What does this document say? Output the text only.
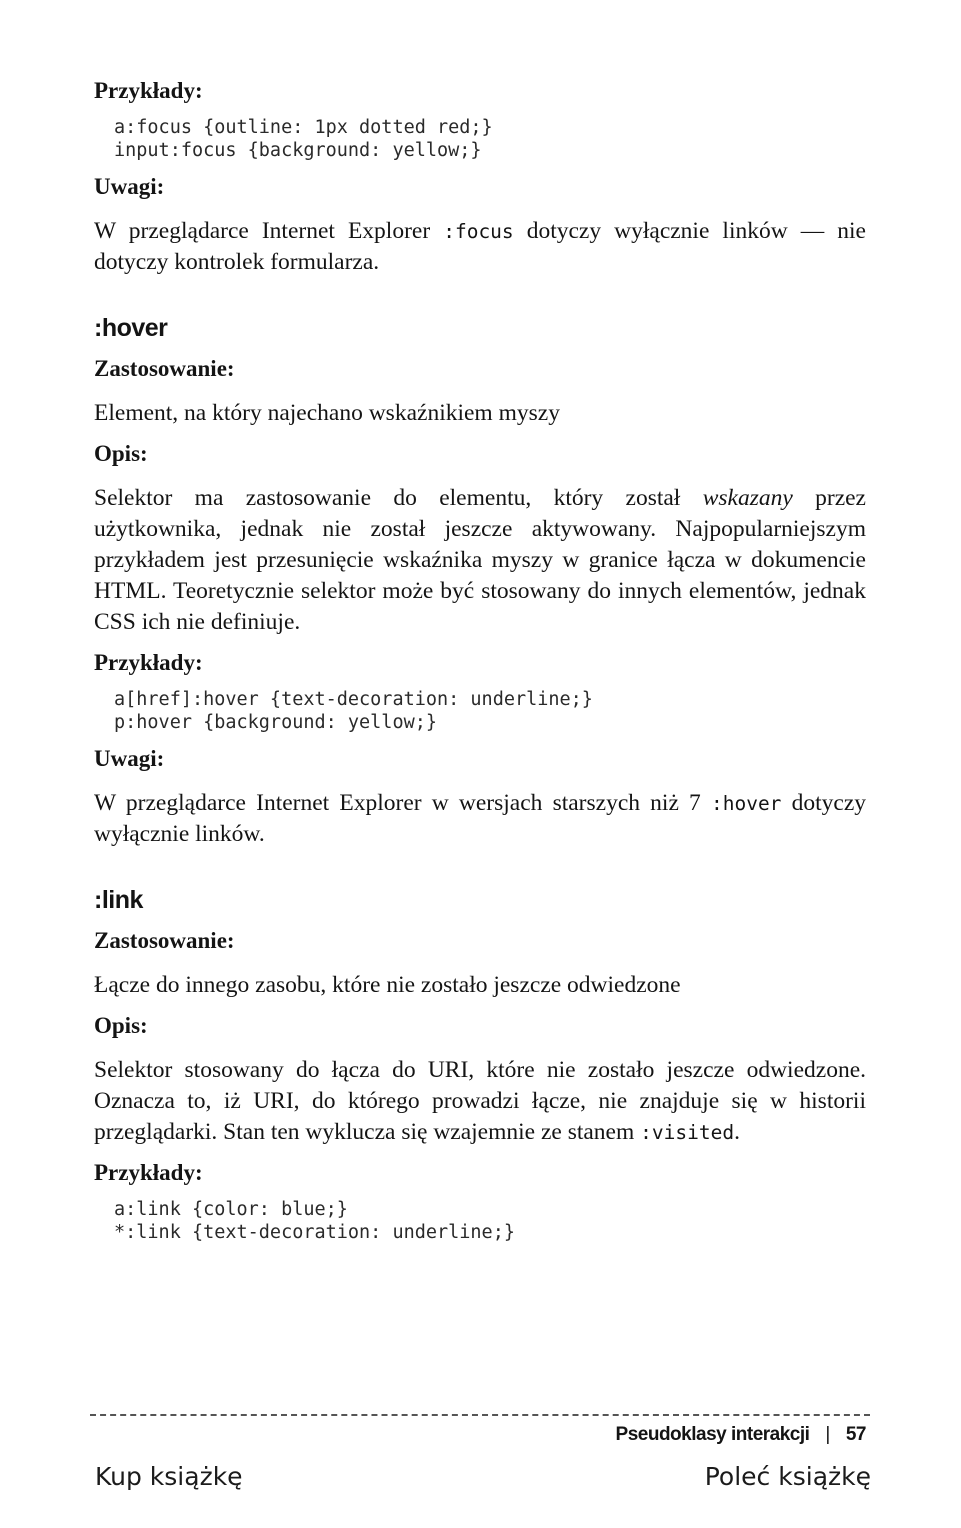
Przykłady:

a:focus {outline: 1px dotted red;}

input:focus {background: yellow;}

Uwagi:

W przeglądarce Internet Explorer :focus dotyczy wyłącznie linków — nie dotyczy kontrolek formularza.

:hover

Zastosowanie:

Element, na który najechano wskaźnikiem myszy

Opis:

Selektor ma zastosowanie do elementu, który został wskazany przez użytkownika, jednak nie został jeszcze aktywowany. Najpopularniejszym przykładem jest przesunięcie wskaźnika myszy w granice łącza w dokumencie HTML. Teoretycznie selektor może być stosowany do innych elementów, jednak CSS ich nie definiuje.

Przykłady:

a[href]:hover {text-decoration: underline;}

p:hover {background: yellow;}

Uwagi:

W przeglądarce Internet Explorer w wersjach starszych niż 7 :hover dotyczy wyłącznie linków.

:link

Zastosowanie:

Łącze do innego zasobu, które nie zostało jeszcze odwiedzone

Opis:

Selektor stosowany do łącza do URI, które nie zostało jeszcze odwiedzone. Oznacza to, iż URI, do którego prowadzi łącze, nie znajduje się w historii przeglądarki. Stan ten wyklucza się wzajemnie ze stanem :visited.

Przykłady:

a:link {color: blue;}

*:link {text-decoration: underline;}

Pseudoklasy interakcji | 57
Kup książkę	Poleć książkę
